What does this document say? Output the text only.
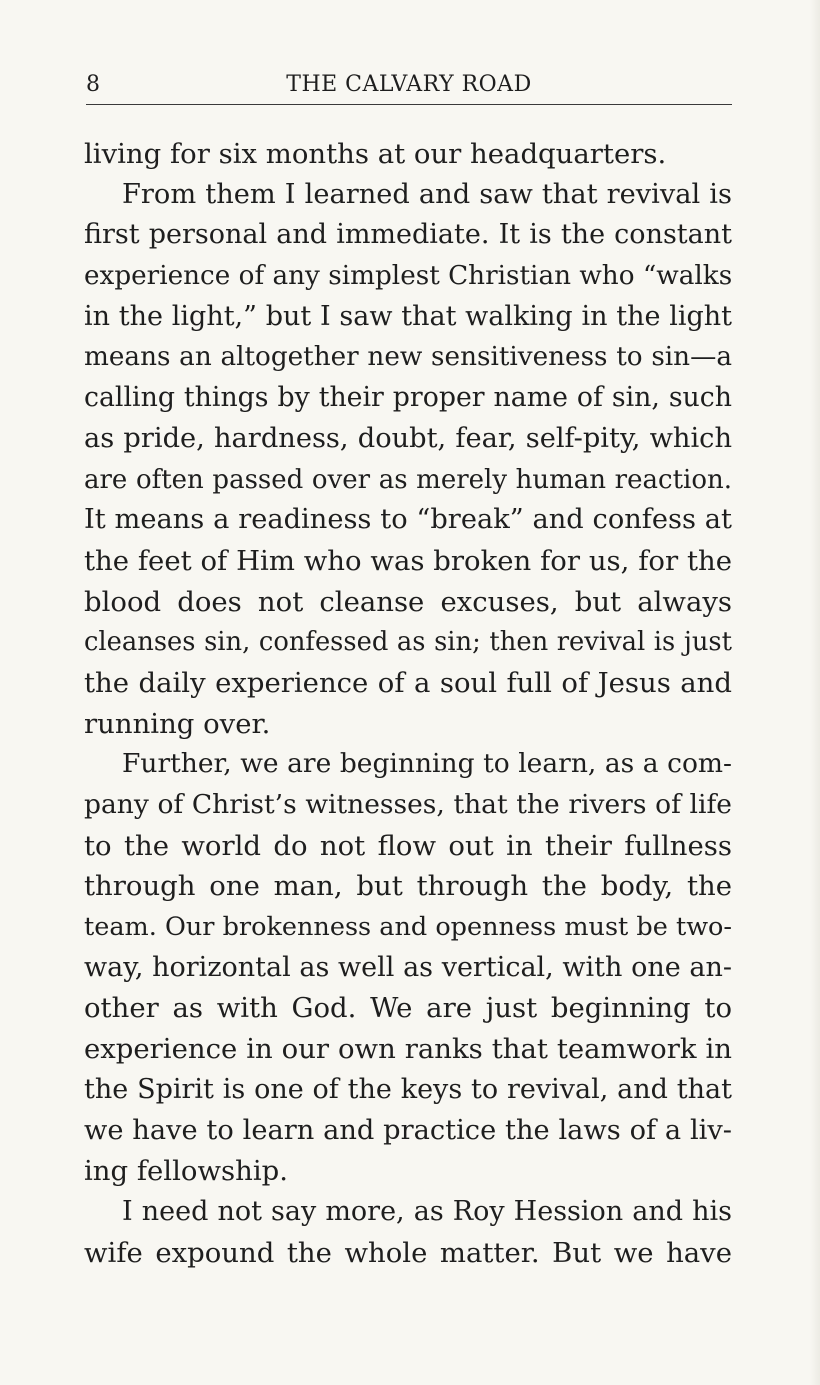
8	THE CALVARY ROAD
living for six months at our headquarters.
From them I learned and saw that revival is
first personal and immediate. It is the constant
experience of any simplest Christian who “walks
in the light,” but I saw that walking in the light
means an altogether new sensitiveness to sin—a
calling things by their proper name of sin, such
as pride, hardness, doubt, fear, self-pity, which
are often passed over as merely human reaction.
It means a readiness to “break” and confess at
the feet of Him who was broken for us, for the
blood does not cleanse excuses, but always
cleanses sin, confessed as sin; then revival is just
the daily experience of a soul full of Jesus and
running over.
Further, we are beginning to learn, as a com-
pany of Christ’s witnesses, that the rivers of life
to the world do not flow out in their fullness
through one man, but through the body, the
team. Our brokenness and openness must be two-
way, horizontal as well as vertical, with one an-
other as with God. We are just beginning to
experience in our own ranks that teamwork in
the Spirit is one of the keys to revival, and that
we have to learn and practice the laws of a liv-
ing fellowship.
I need not say more, as Roy Hession and his
wife expound the whole matter. But we have
